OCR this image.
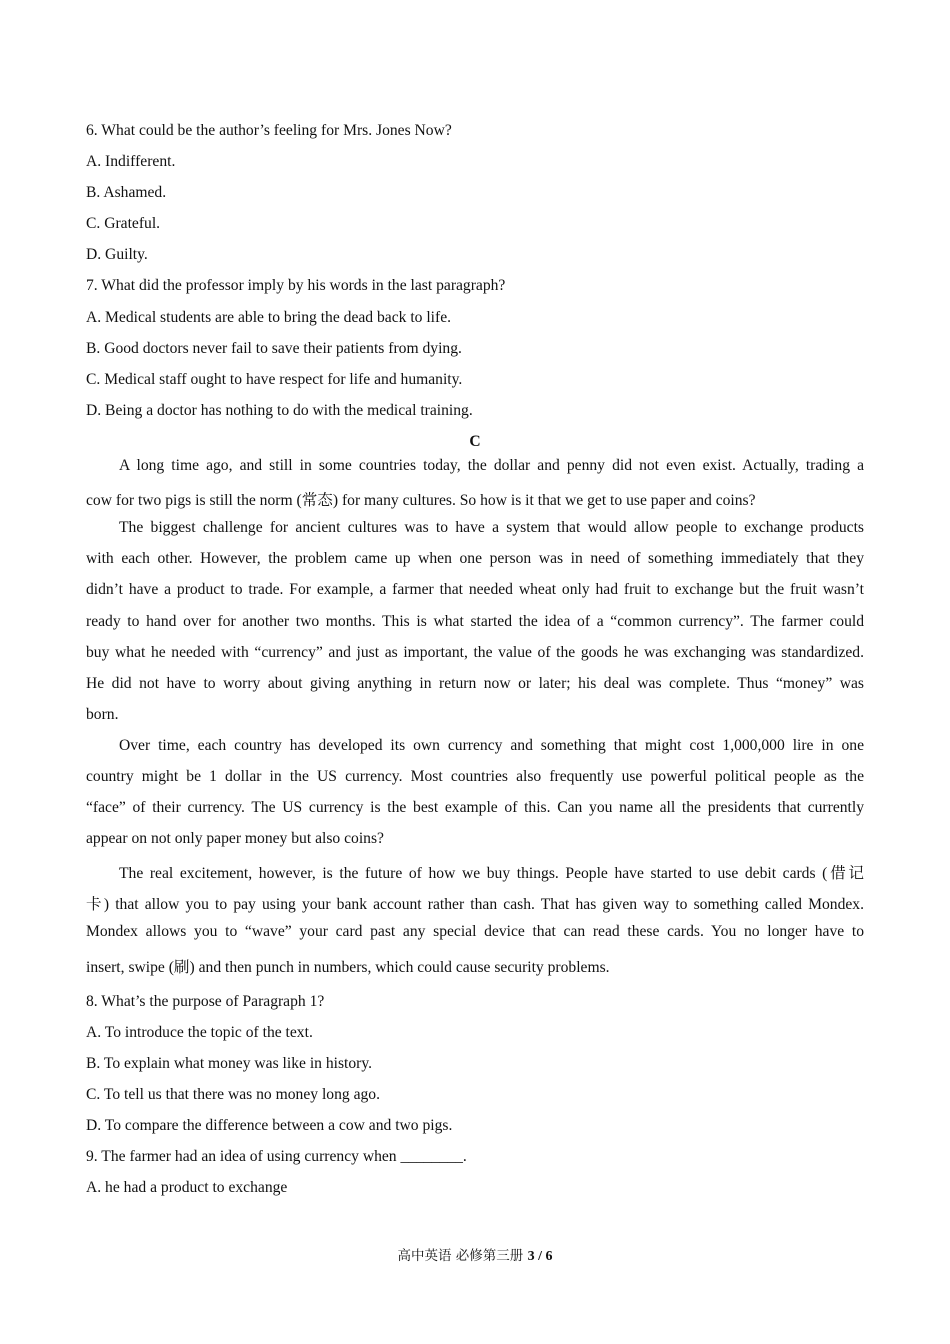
6. What could be the author’s feeling for Mrs. Jones Now?
A. Indifferent.
B. Ashamed.
C. Grateful.
D. Guilty.
7. What did the professor imply by his words in the last paragraph?
A. Medical students are able to bring the dead back to life.
B. Good doctors never fail to save their patients from dying.
C. Medical staff ought to have respect for life and humanity.
D. Being a doctor has nothing to do with the medical training.
C
A long time ago, and still in some countries today, the dollar and penny did not even exist. Actually, trading a
cow for two pigs is still the norm (常态) for many cultures. So how is it that we get to use paper and coins?
The biggest challenge for ancient cultures was to have a system that would allow people to exchange products
with each other. However, the problem came up when one person was in need of something immediately that they
didn’t have a product to trade. For example, a farmer that needed wheat only had fruit to exchange but the fruit wasn’t
ready to hand over for another two months. This is what started the idea of a “common currency”. The farmer could
buy what he needed with “currency” and just as important, the value of the goods he was exchanging was standardized.
He did not have to worry about giving anything in return now or later; his deal was complete. Thus “money” was
born.
Over time, each country has developed its own currency and something that might cost 1,000,000 lire in one
country might be 1 dollar in the US currency. Most countries also frequently use powerful political people as the
“face” of their currency. The US currency is the best example of this. Can you name all the presidents that currently
appear on not only paper money but also coins?
The real excitement, however, is the future of how we buy things. People have started to use debit cards (借记
卡) that allow you to pay using your bank account rather than cash. That has given way to something called Mondex.
Mondex allows you to “wave” your card past any special device that can read these cards. You no longer have to
insert, swipe (刷) and then punch in numbers, which could cause security problems.
8. What’s the purpose of Paragraph 1?
A. To introduce the topic of the text.
B. To explain what money was like in history.
C. To tell us that there was no money long ago.
D. To compare the difference between a cow and two pigs.
9. The farmer had an idea of using currency when ________.
A. he had a product to exchange
高中英语 必修第三册 3 / 6
